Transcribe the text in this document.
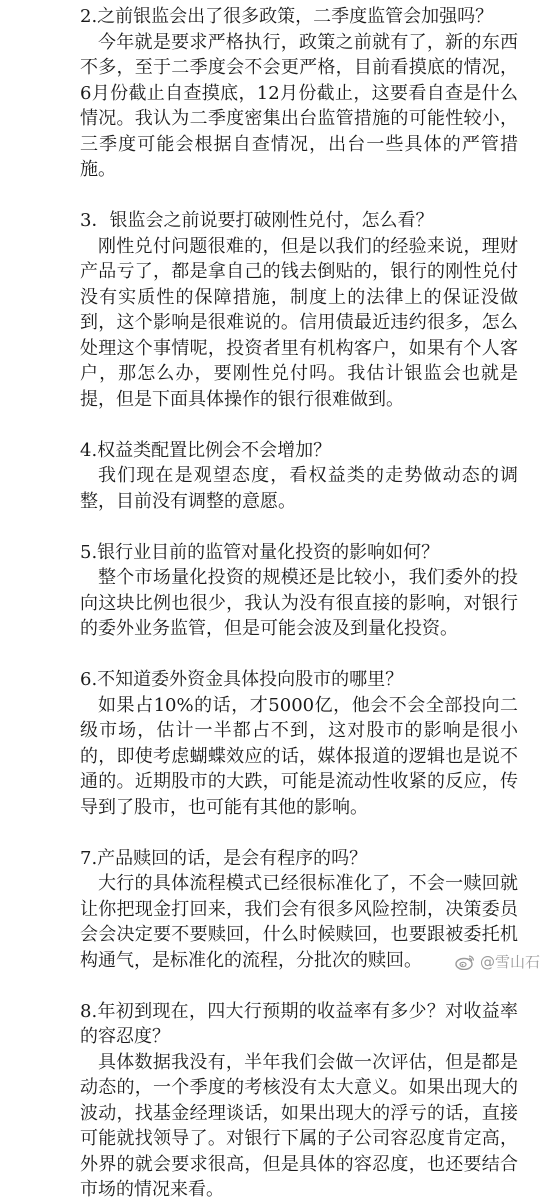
2.之前银监会出了很多政策，二季度监管会加强吗？

今年就是要求严格执行，政策之前就有了，新的东西不多，至于二季度会不会更严格，目前看摸底的情况，6月份截止自查摸底，12月份截止，这要看自查是什么情况。我认为二季度密集出台监管措施的可能性较小，三季度可能会根据自查情况，出台一些具体的严管措施。

3．银监会之前说要打破刚性兑付，怎么看？

刚性兑付问题很难的，但是以我们的经验来说，理财产品亏了，都是拿自己的钱去倒贴的，银行的刚性兑付没有实质性的保障措施，制度上的法律上的保证没做到，这个影响是很难说的。信用债最近违约很多，怎么处理这个事情呢，投资者里有机构客户，如果有个人客户，那怎么办，要刚性兑付吗。我估计银监会也就是提，但是下面具体操作的银行很难做到。

4.权益类配置比例会不会增加？

我们现在是观望态度，看权益类的走势做动态的调整，目前没有调整的意愿。

5.银行业目前的监管对量化投资的影响如何？

整个市场量化投资的规模还是比较小，我们委外的投向这块比例也很少，我认为没有很直接的影响，对银行的委外业务监管，但是可能会波及到量化投资。

6.不知道委外资金具体投向股市的哪里？

如果占10%的话，才5000亿，他会不会全部投向二级市场，估计一半都占不到，这对股市的影响是很小的，即使考虑蝴蝶效应的话，媒体报道的逻辑也是说不通的。近期股市的大跌，可能是流动性收紧的反应，传导到了股市，也可能有其他的影响。

7.产品赎回的话，是会有程序的吗？

大行的具体流程模式已经很标准化了，不会一赎回就让你把现金打回来，我们会有很多风险控制，决策委员会会决定要不要赎回，什么时候赎回，也要跟被委托机构通气，是标准化的流程，分批次的赎回。

8.年初到现在，四大行预期的收益率有多少？对收益率的容忍度？

具体数据我没有，半年我们会做一次评估，但是都是动态的，一个季度的考核没有太大意义。如果出现大的波动，找基金经理谈话，如果出现大的浮亏的话，直接可能就找领导了。对银行下属的子公司容忍度肯定高，外界的就会要求很高，但是具体的容忍度，也还要结合市场的情况来看。

@雪山石
